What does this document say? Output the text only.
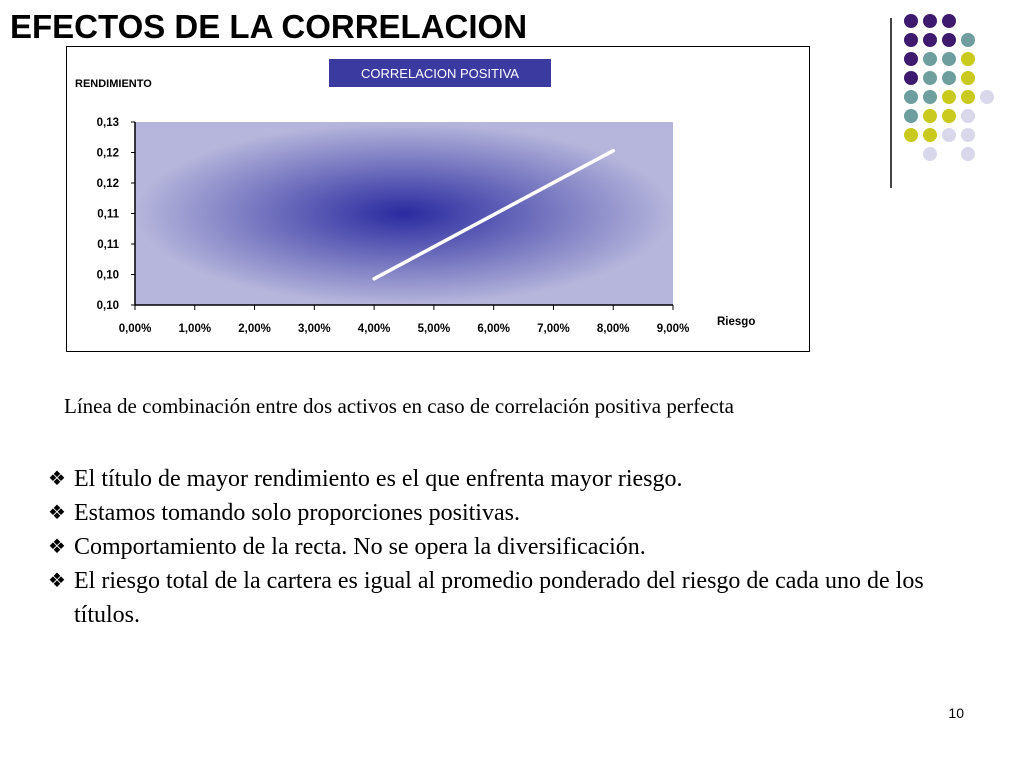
EFECTOS DE LA CORRELACION
CORRELACION POSITIVA
RENDIMIENTO
0,13
0,12
0,12
0,11
0,11
0,10
0,10
0,00% 1,00% 2,00% 3,00% 4,00% 5,00% 6,00% 7,00% 8,00% 9,00%
Riesgo

Línea de combinación entre dos activos en caso de correlación positiva perfecta

❖ El título de mayor rendimiento es el que enfrenta mayor riesgo.
❖ Estamos tomando solo proporciones positivas.
❖ Comportamiento de la recta. No se opera la diversificación.
❖ El riesgo total de la cartera es igual al promedio ponderado del riesgo de cada uno de los títulos.
10
